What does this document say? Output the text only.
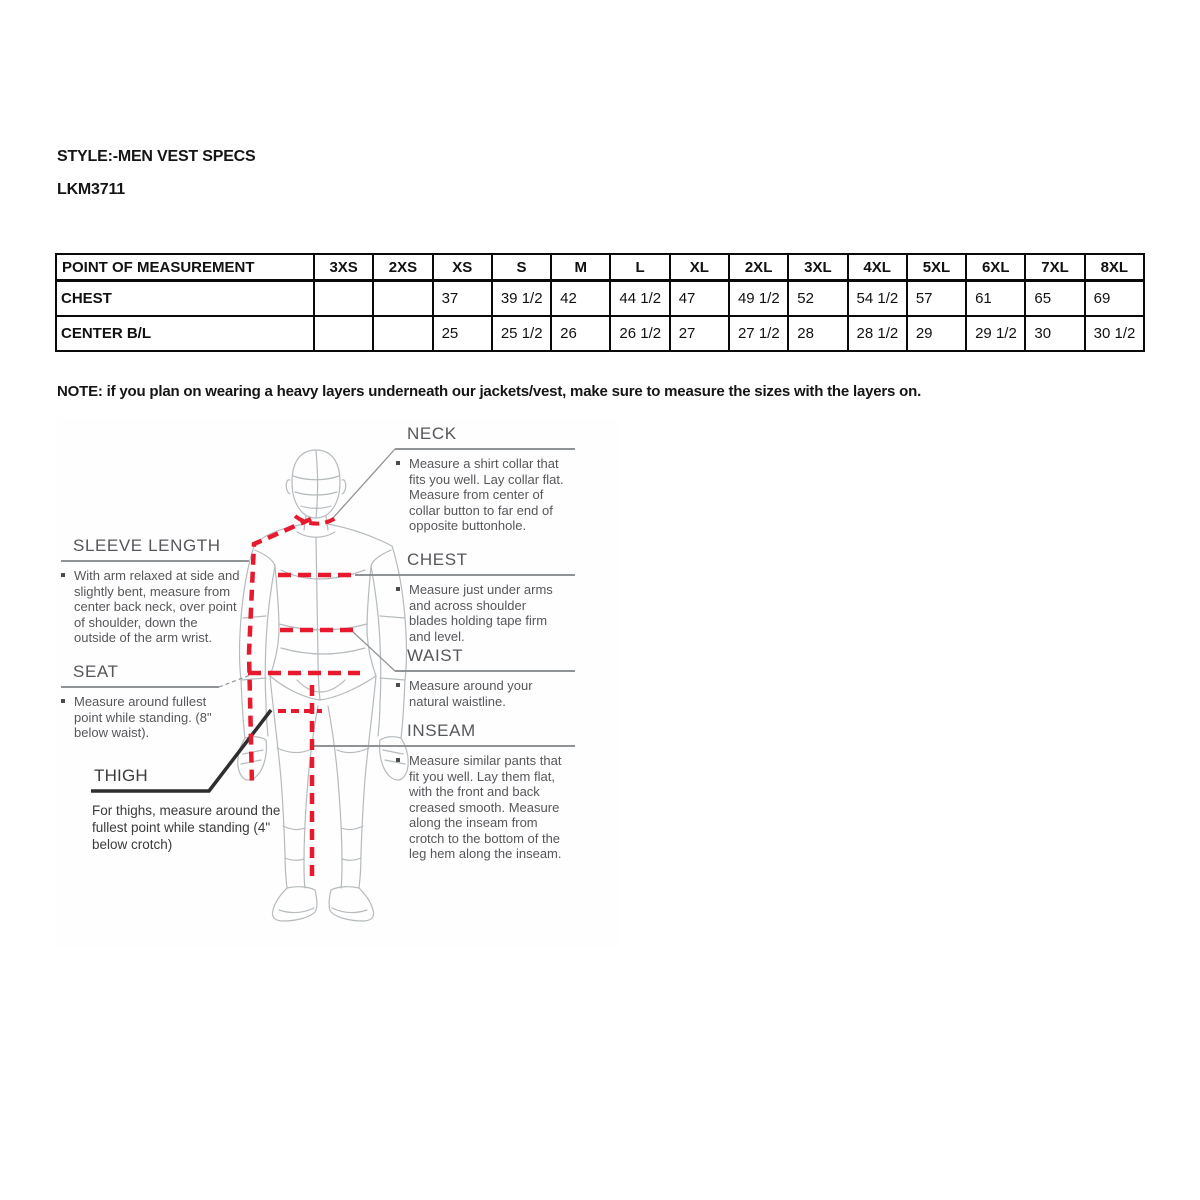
STYLE:-MEN VEST SPECS
LKM3711
POINT OF MEASUREMENT	3XS	2XS	XS	S	M	L	XL	2XL	3XL	4XL	5XL	6XL	7XL	8XL
CHEST			37	39 1/2	42	44 1/2	47	49 1/2	52	54 1/2	57	61	65	69
CENTER B/L			25	25 1/2	26	26 1/2	27	27 1/2	28	28 1/2	29	29 1/2	30	30 1/2
NOTE: if you plan on wearing a heavy layers underneath our jackets/vest, make sure to measure the sizes with the layers on.
NECK
Measure a shirt collar that fits you well. Lay collar flat. Measure from center of collar button to far end of opposite buttonhole.
CHEST
Measure just under arms and across shoulder blades holding tape firm and level.
WAIST
Measure around your natural waistline.
INSEAM
Measure similar pants that fit you well. Lay them flat, with the front and back creased smooth. Measure along the inseam from crotch to the bottom of the leg hem along the inseam.
SLEEVE LENGTH
With arm relaxed at side and slightly bent, measure from center back neck, over point of shoulder, down the outside of the arm wrist.
SEAT
Measure around fullest point while standing. (8" below waist).
THIGH
For thighs, measure around the fullest point while standing (4" below crotch)
